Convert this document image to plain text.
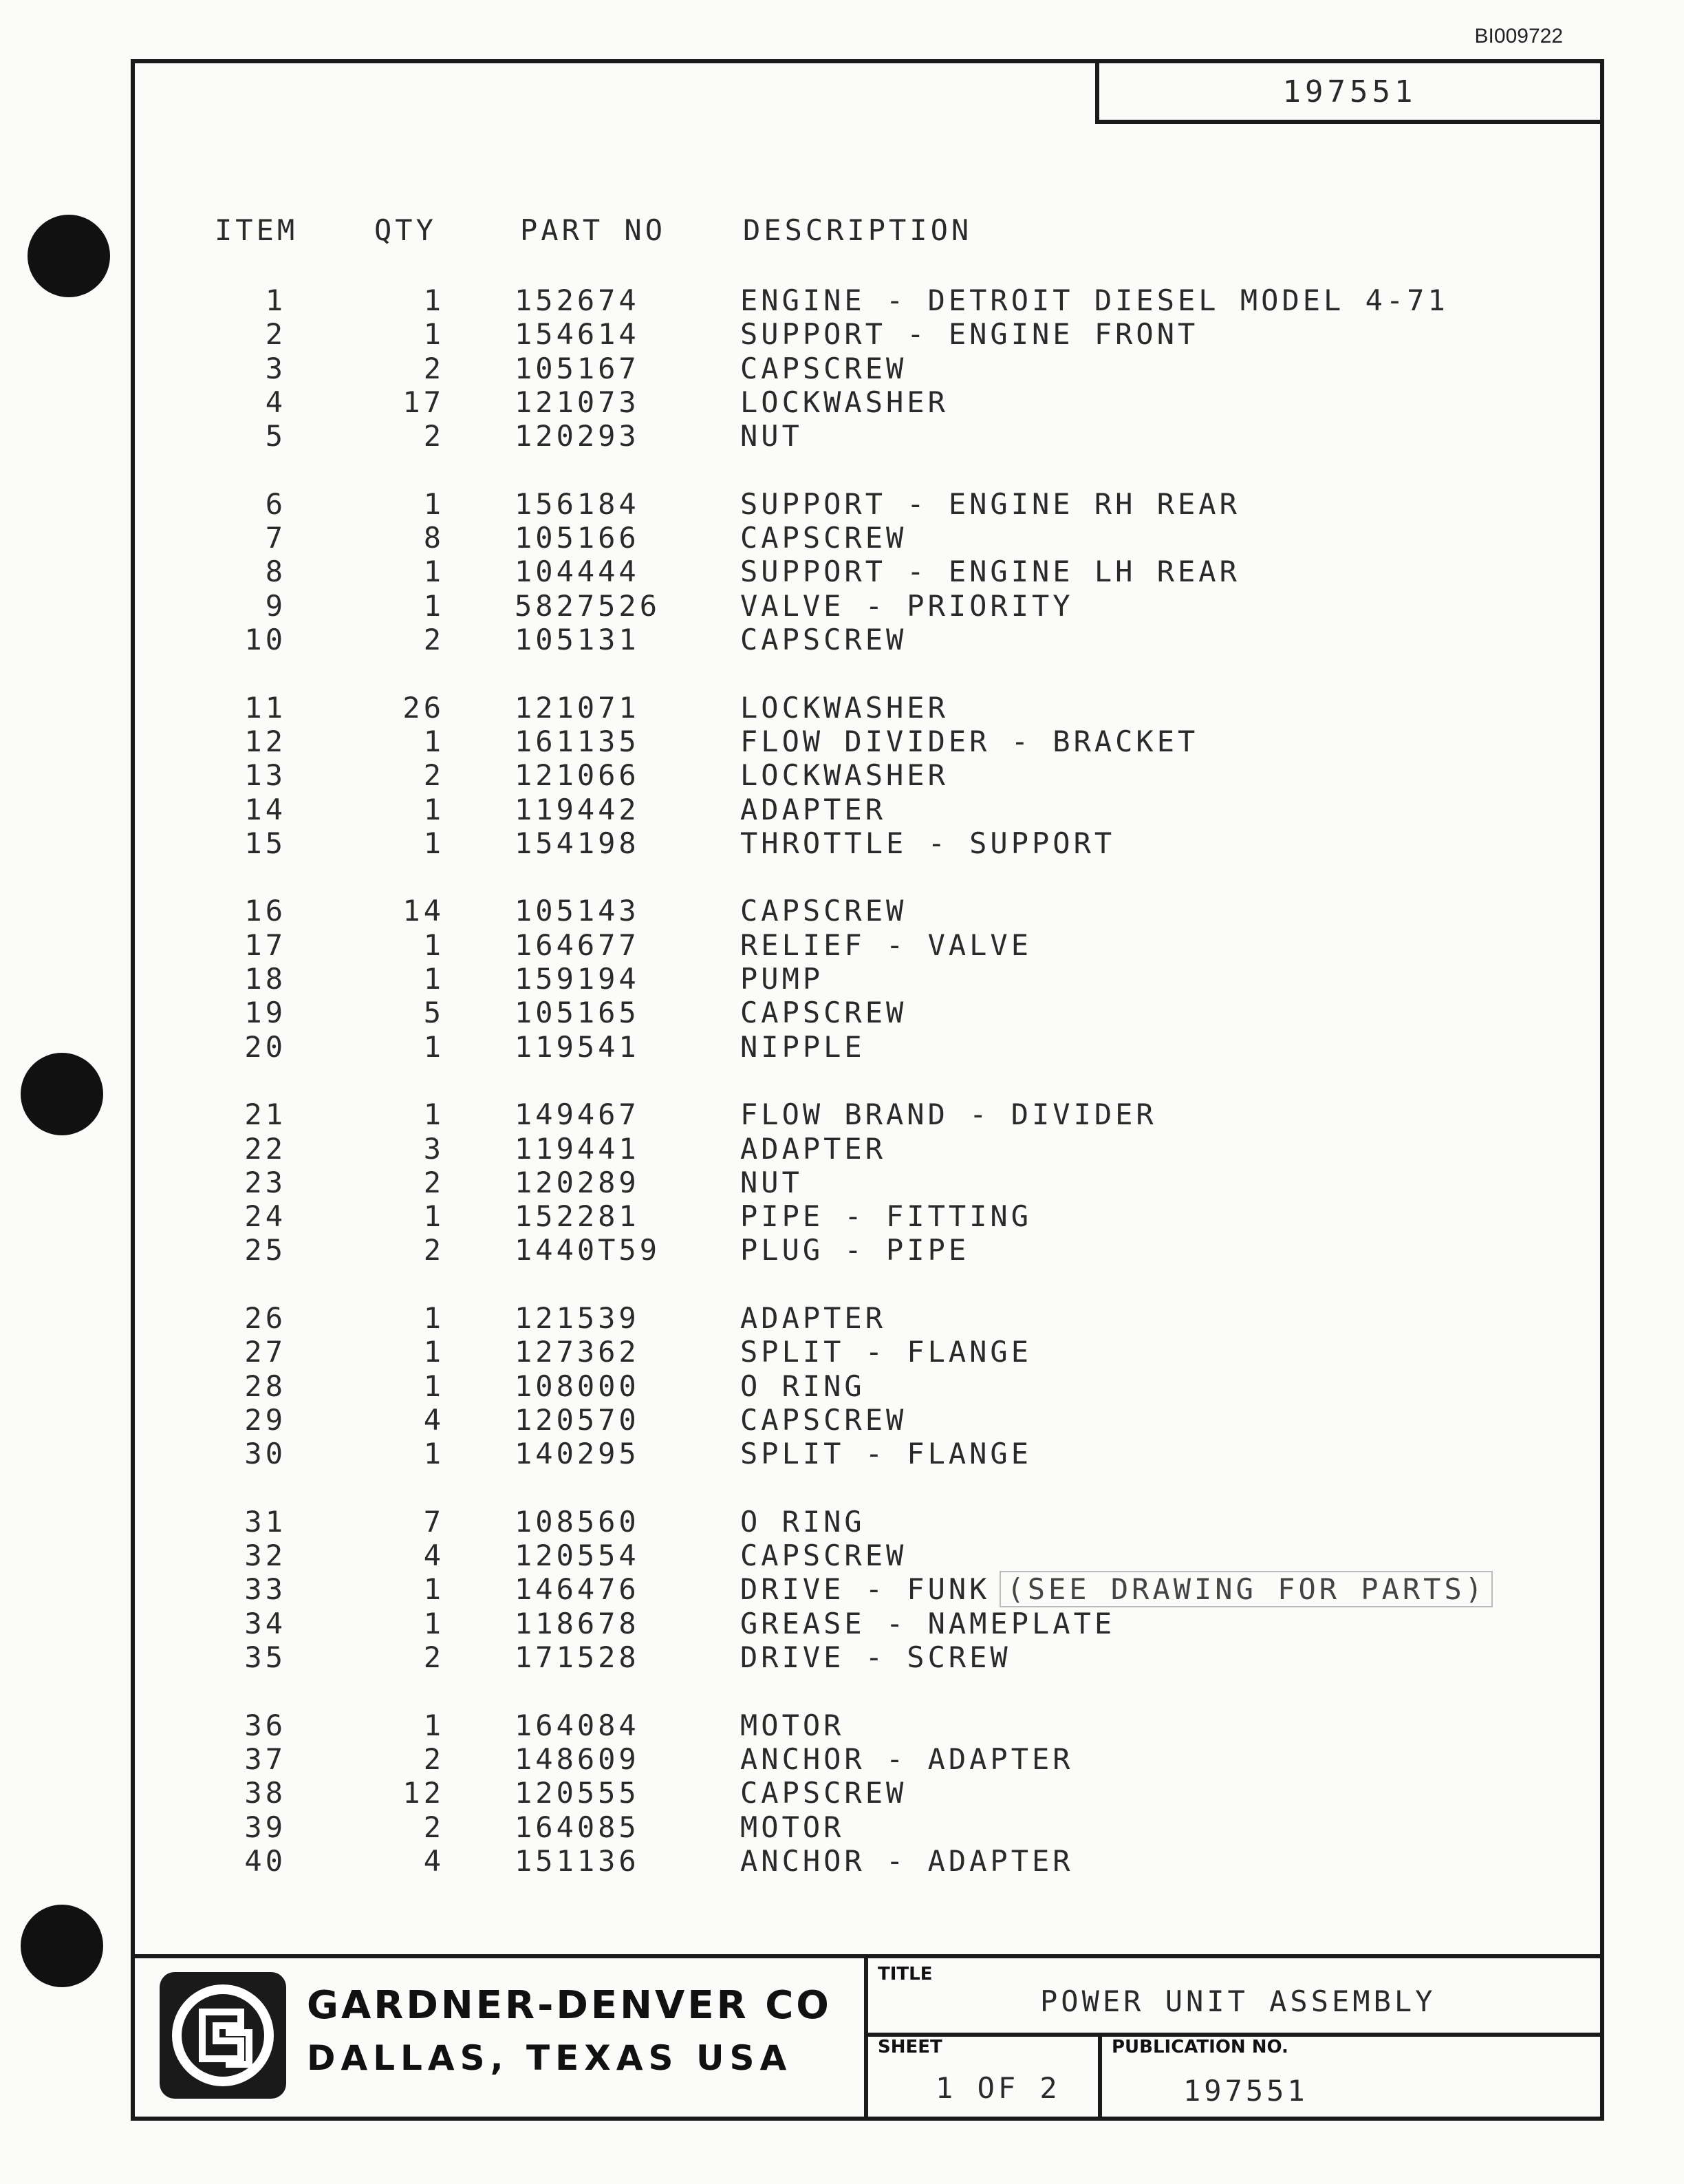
BI009722
197551
ITEM	QTY	PART NO	DESCRIPTION
1	1 152674	ENGINE - DETROIT DIESEL MODEL 4-71
2	1 154614	SUPPORT - ENGINE FRONT
3	2 105167	CAPSCREW
4	17 121073	LOCKWASHER
5	2 120293	NUT
6	1 156184	SUPPORT - ENGINE RH REAR
7	8 105166	CAPSCREW
8	1 104444	SUPPORT - ENGINE LH REAR
9	1 5827526	VALVE - PRIORITY
10	2 105131	CAPSCREW
11	26 121071	LOCKWASHER
12	1 161135	FLOW DIVIDER - BRACKET
13	2 121066	LOCKWASHER
14	1 119442	ADAPTER
15	1 154198	THROTTLE - SUPPORT
16	14 105143	CAPSCREW
17	1 164677	RELIEF - VALVE
18	1 159194	PUMP
19	5 105165	CAPSCREW
20	1 119541	NIPPLE
21	1 149467	FLOW BRAND - DIVIDER
22	3 119441	ADAPTER
23	2 120289	NUT
24	1 152281	PIPE - FITTING
25	2 1440T59	PLUG - PIPE
26	1 121539	ADAPTER
27	1 127362	SPLIT - FLANGE
28	1 108000	O RING
29	4 120570	CAPSCREW
30	1 140295	SPLIT - FLANGE
31	7 108560	O RING
32	4 120554	CAPSCREW
33	1 146476	DRIVE - FUNK (SEE DRAWING FOR PARTS)
34	1 118678	GREASE - NAMEPLATE
35	2 171528	DRIVE - SCREW
36	1 164084	MOTOR
37	2 148609	ANCHOR - ADAPTER
38	12 120555	CAPSCREW
39	2 164085	MOTOR
40	4 151136	ANCHOR - ADAPTER
GARDNER-DENVER CO
DALLAS, TEXAS USA
TITLE
POWER UNIT ASSEMBLY
SHEET
1 OF 2
PUBLICATION NO.
197551
